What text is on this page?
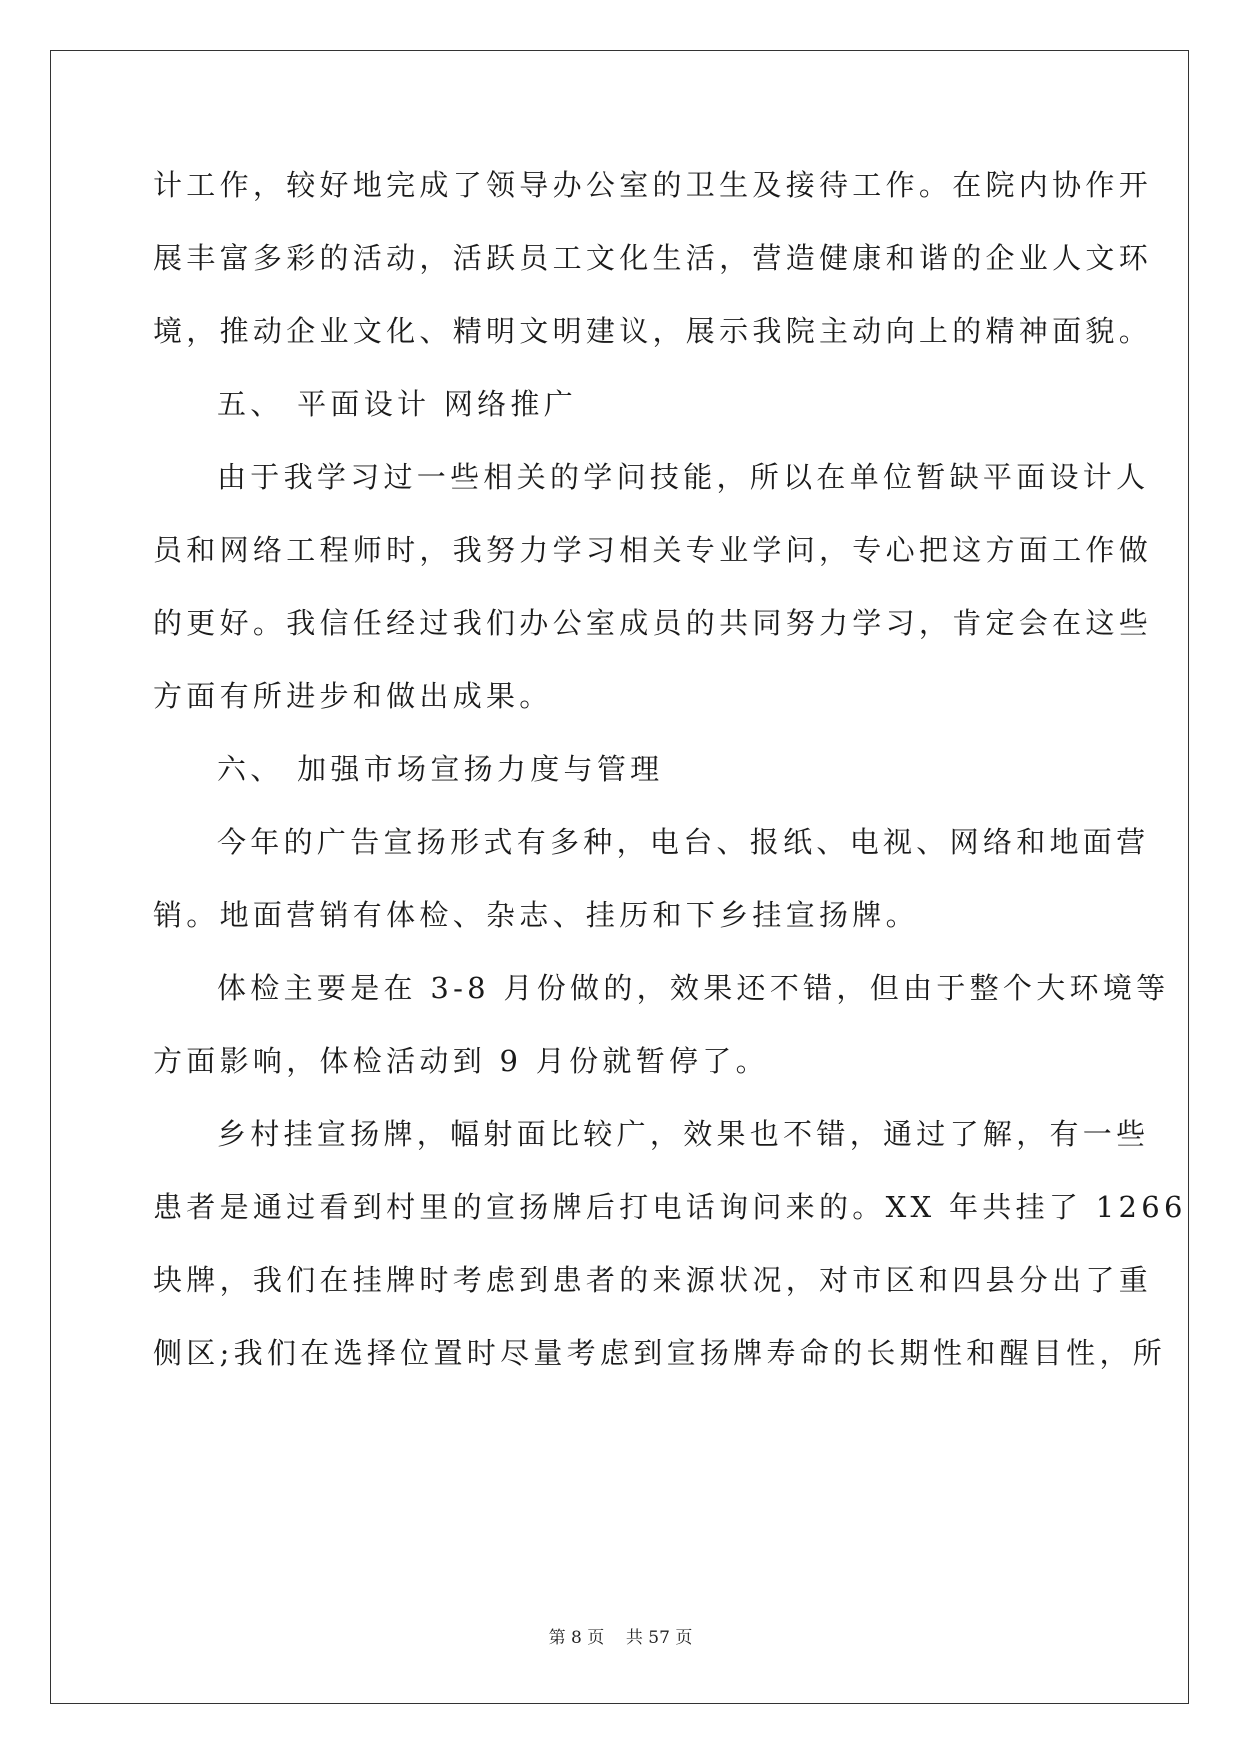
计工作，较好地完成了领导办公室的卫生及接待工作。在院内协作开
展丰富多彩的活动，活跃员工文化生活，营造健康和谐的企业人文环
境，推动企业文化、精明文明建议，展示我院主动向上的精神面貌。
五、 平面设计 网络推广
由于我学习过一些相关的学问技能，所以在单位暂缺平面设计人
员和网络工程师时，我努力学习相关专业学问，专心把这方面工作做
的更好。我信任经过我们办公室成员的共同努力学习，肯定会在这些
方面有所进步和做出成果。
六、 加强市场宣扬力度与管理
今年的广告宣扬形式有多种，电台、报纸、电视、网络和地面营
销。地面营销有体检、杂志、挂历和下乡挂宣扬牌。
体检主要是在 3-8 月份做的，效果还不错，但由于整个大环境等
方面影响，体检活动到 9 月份就暂停了。
乡村挂宣扬牌，幅射面比较广，效果也不错，通过了解，有一些
患者是通过看到村里的宣扬牌后打电话询问来的。XX 年共挂了 1266
块牌，我们在挂牌时考虑到患者的来源状况，对市区和四县分出了重
侧区;我们在选择位置时尽量考虑到宣扬牌寿命的长期性和醒目性，所
第 8 页    共 57 页
